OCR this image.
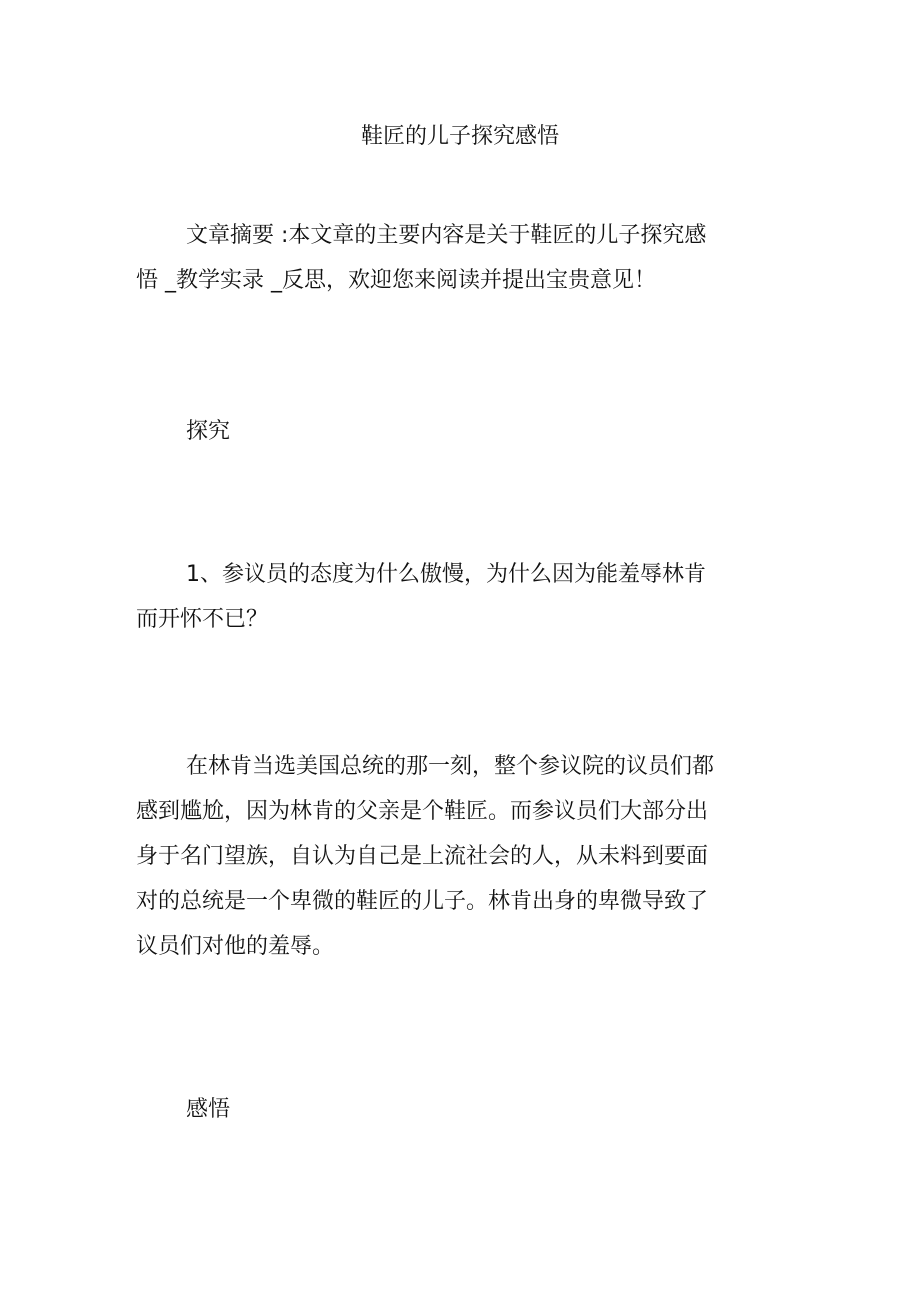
鞋匠的儿子探究感悟

文章摘要 :本文章的主要内容是关于鞋匠的儿子探究感
悟 _教学实录 _反思，欢迎您来阅读并提出宝贵意见！

探究

1、参议员的态度为什么傲慢，为什么因为能羞辱林肯
而开怀不已？

在林肯当选美国总统的那一刻，整个参议院的议员们都
感到尴尬，因为林肯的父亲是个鞋匠。而参议员们大部分出
身于名门望族，自认为自己是上流社会的人，从未料到要面
对的总统是一个卑微的鞋匠的儿子。林肯出身的卑微导致了
议员们对他的羞辱。

感悟
